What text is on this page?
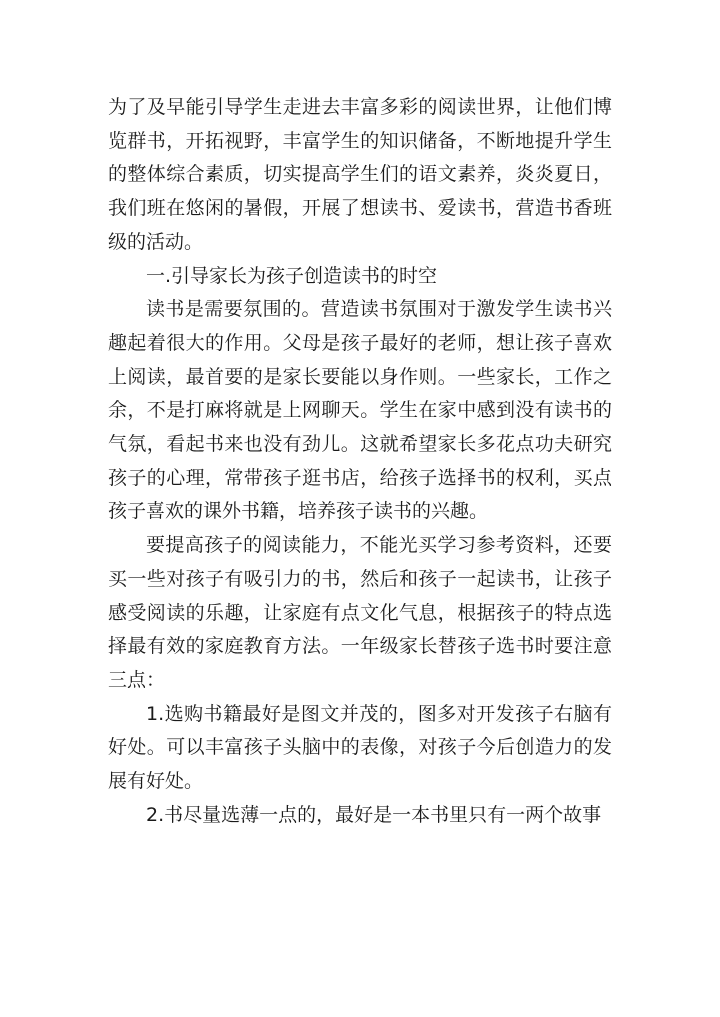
为了及早能引导学生走进去丰富多彩的阅读世界，让他们博览群书，开拓视野，丰富学生的知识储备，不断地提升学生的整体综合素质，切实提高学生们的语文素养，炎炎夏日，我们班在悠闲的暑假，开展了想读书、爱读书，营造书香班级的活动。

一.引导家长为孩子创造读书的时空

读书是需要氛围的。营造读书氛围对于激发学生读书兴趣起着很大的作用。父母是孩子最好的老师，想让孩子喜欢上阅读，最首要的是家长要能以身作则。一些家长，工作之余，不是打麻将就是上网聊天。学生在家中感到没有读书的气氛，看起书来也没有劲儿。这就希望家长多花点功夫研究孩子的心理，常带孩子逛书店，给孩子选择书的权利，买点孩子喜欢的课外书籍，培养孩子读书的兴趣。

要提高孩子的阅读能力，不能光买学习参考资料，还要买一些对孩子有吸引力的书，然后和孩子一起读书，让孩子感受阅读的乐趣，让家庭有点文化气息，根据孩子的特点选择最有效的家庭教育方法。一年级家长替孩子选书时要注意三点：

1.选购书籍最好是图文并茂的，图多对开发孩子右脑有好处。可以丰富孩子头脑中的表像，对孩子今后创造力的发展有好处。

2.书尽量选薄一点的，最好是一本书里只有一两个故事
